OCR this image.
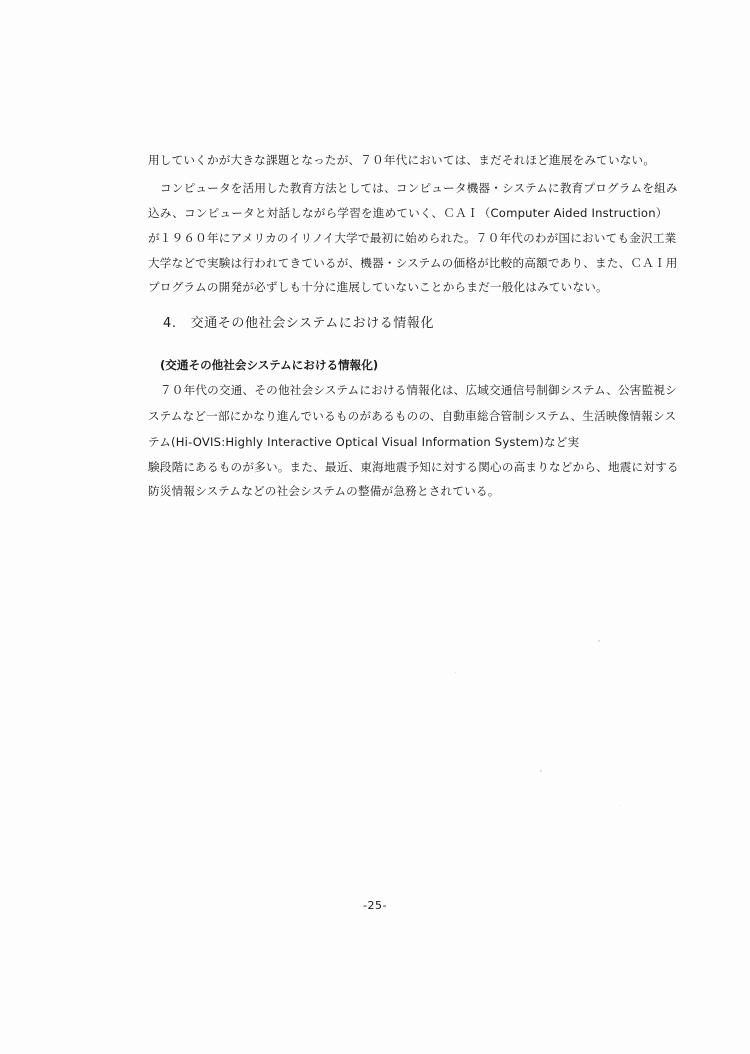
用していくかが大きな課題となったが、７０年代においては、まだそれほど進展をみていない。
コンピュータを活用した教育方法としては、コンピュータ機器・システムに教育プログラムを組み
込み、コンピュータと対話しながら学習を進めていく、ＣＡＩ（Computer Aided Instruction）
が１９６０年にアメリカのイリノイ大学で最初に始められた。７０年代のわが国においても金沢工業
大学などで実験は行われてきているが、機器・システムの価格が比較的高額であり、また、ＣＡＩ用
プログラムの開発が必ずしも十分に進展していないことからまだ一般化はみていない。
4. 交通その他社会システムにおける情報化
(交通その他社会システムにおける情報化)
７０年代の交通、その他社会システムにおける情報化は、広域交通信号制御システム、公害監視シ
ステムなど一部にかなり進んでいるものがあるものの、自動車総合管制システム、生活映像情報シス
テム(Hi-OVIS:Highly Interactive Optical Visual Information System)など実
験段階にあるものが多い。また、最近、東海地震予知に対する関心の高まりなどから、地震に対する
防災情報システムなどの社会システムの整備が急務とされている。
-25-
